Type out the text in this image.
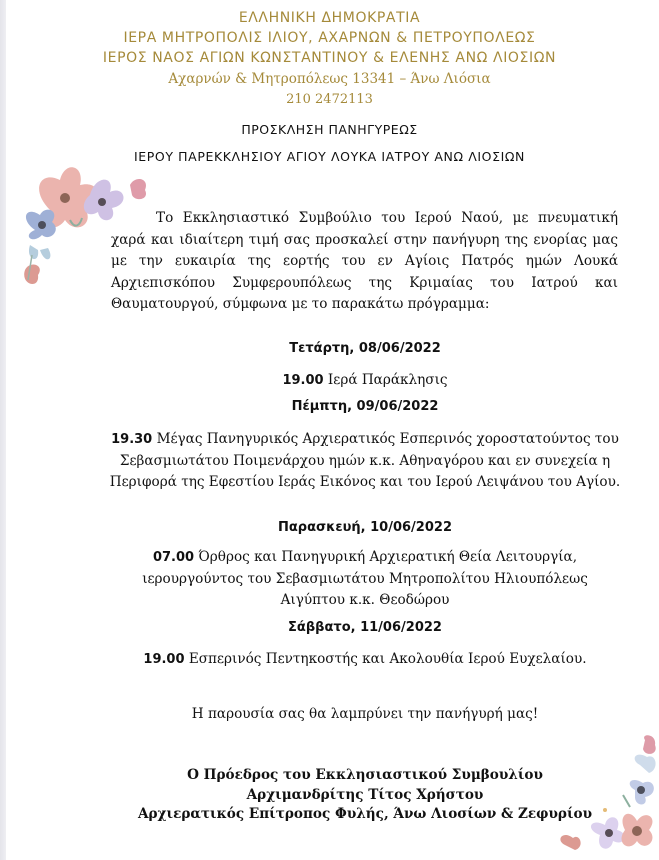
ΕΛΛΗΝΙΚΗ ΔΗΜΟΚΡΑΤΙΑ
ΙΕΡΑ ΜΗΤΡΟΠΟΛΙΣ ΙΛΙΟΥ, ΑΧΑΡΝΩΝ & ΠΕΤΡΟΥΠΟΛΕΩΣ
ΙΕΡΟΣ ΝΑΟΣ ΑΓΙΩΝ ΚΩΝΣΤΑΝΤΙΝΟΥ & ΕΛΕΝΗΣ ΑΝΩ ΛΙΟΣΙΩΝ
Αχαρνών & Μητροπόλεως 13341 – Άνω Λιόσια
210 2472113
ΠΡΟΣΚΛΗΣΗ ΠΑΝΗΓΥΡΕΩΣ
ΙΕΡΟΥ ΠΑΡΕΚΚΛΗΣΙΟΥ ΑΓΙΟΥ ΛΟΥΚΑ ΙΑΤΡΟΥ ΑΝΩ ΛΙΟΣΙΩΝ
Το Εκκλησιαστικό Συμβούλιο του Ιερού Ναού, με πνευματική χαρά και ιδιαίτερη τιμή σας προσκαλεί στην πανήγυρη της ενορίας μας με την ευκαιρία της εορτής του εν Αγίοις Πατρός ημών Λουκά Αρχιεπισκόπου Συμφερουπόλεως της Κριμαίας του Ιατρού και Θαυματουργού, σύμφωνα με το παρακάτω πρόγραμμα:
Τετάρτη, 08/06/2022
19.00 Ιερά Παράκλησις
Πέμπτη, 09/06/2022
19.30 Μέγας Πανηγυρικός Αρχιερατικός Εσπερινός χοροστατούντος του Σεβασμιωτάτου Ποιμενάρχου ημών κ.κ. Αθηναγόρου και εν συνεχεία η Περιφορά της Εφεστίου Ιεράς Εικόνος και του Ιερού Λειψάνου του Αγίου.
Παρασκευή, 10/06/2022
07.00 Όρθρος και Πανηγυρική Αρχιερατική Θεία Λειτουργία, ιερουργούντος του Σεβασμιωτάτου Μητροπολίτου Ηλιουπόλεως Αιγύπτου κ.κ. Θεοδώρου
Σάββατο, 11/06/2022
19.00 Εσπερινός Πεντηκοστής και Ακολουθία Ιερού Ευχελαίου.
Η παρουσία σας θα λαμπρύνει την πανήγυρή μας!
Ο Πρόεδρος του Εκκλησιαστικού Συμβουλίου
Αρχιμανδρίτης Τίτος Χρήστου
Αρχιερατικός Επίτροπος Φυλής, Άνω Λιοσίων & Ζεφυρίου
